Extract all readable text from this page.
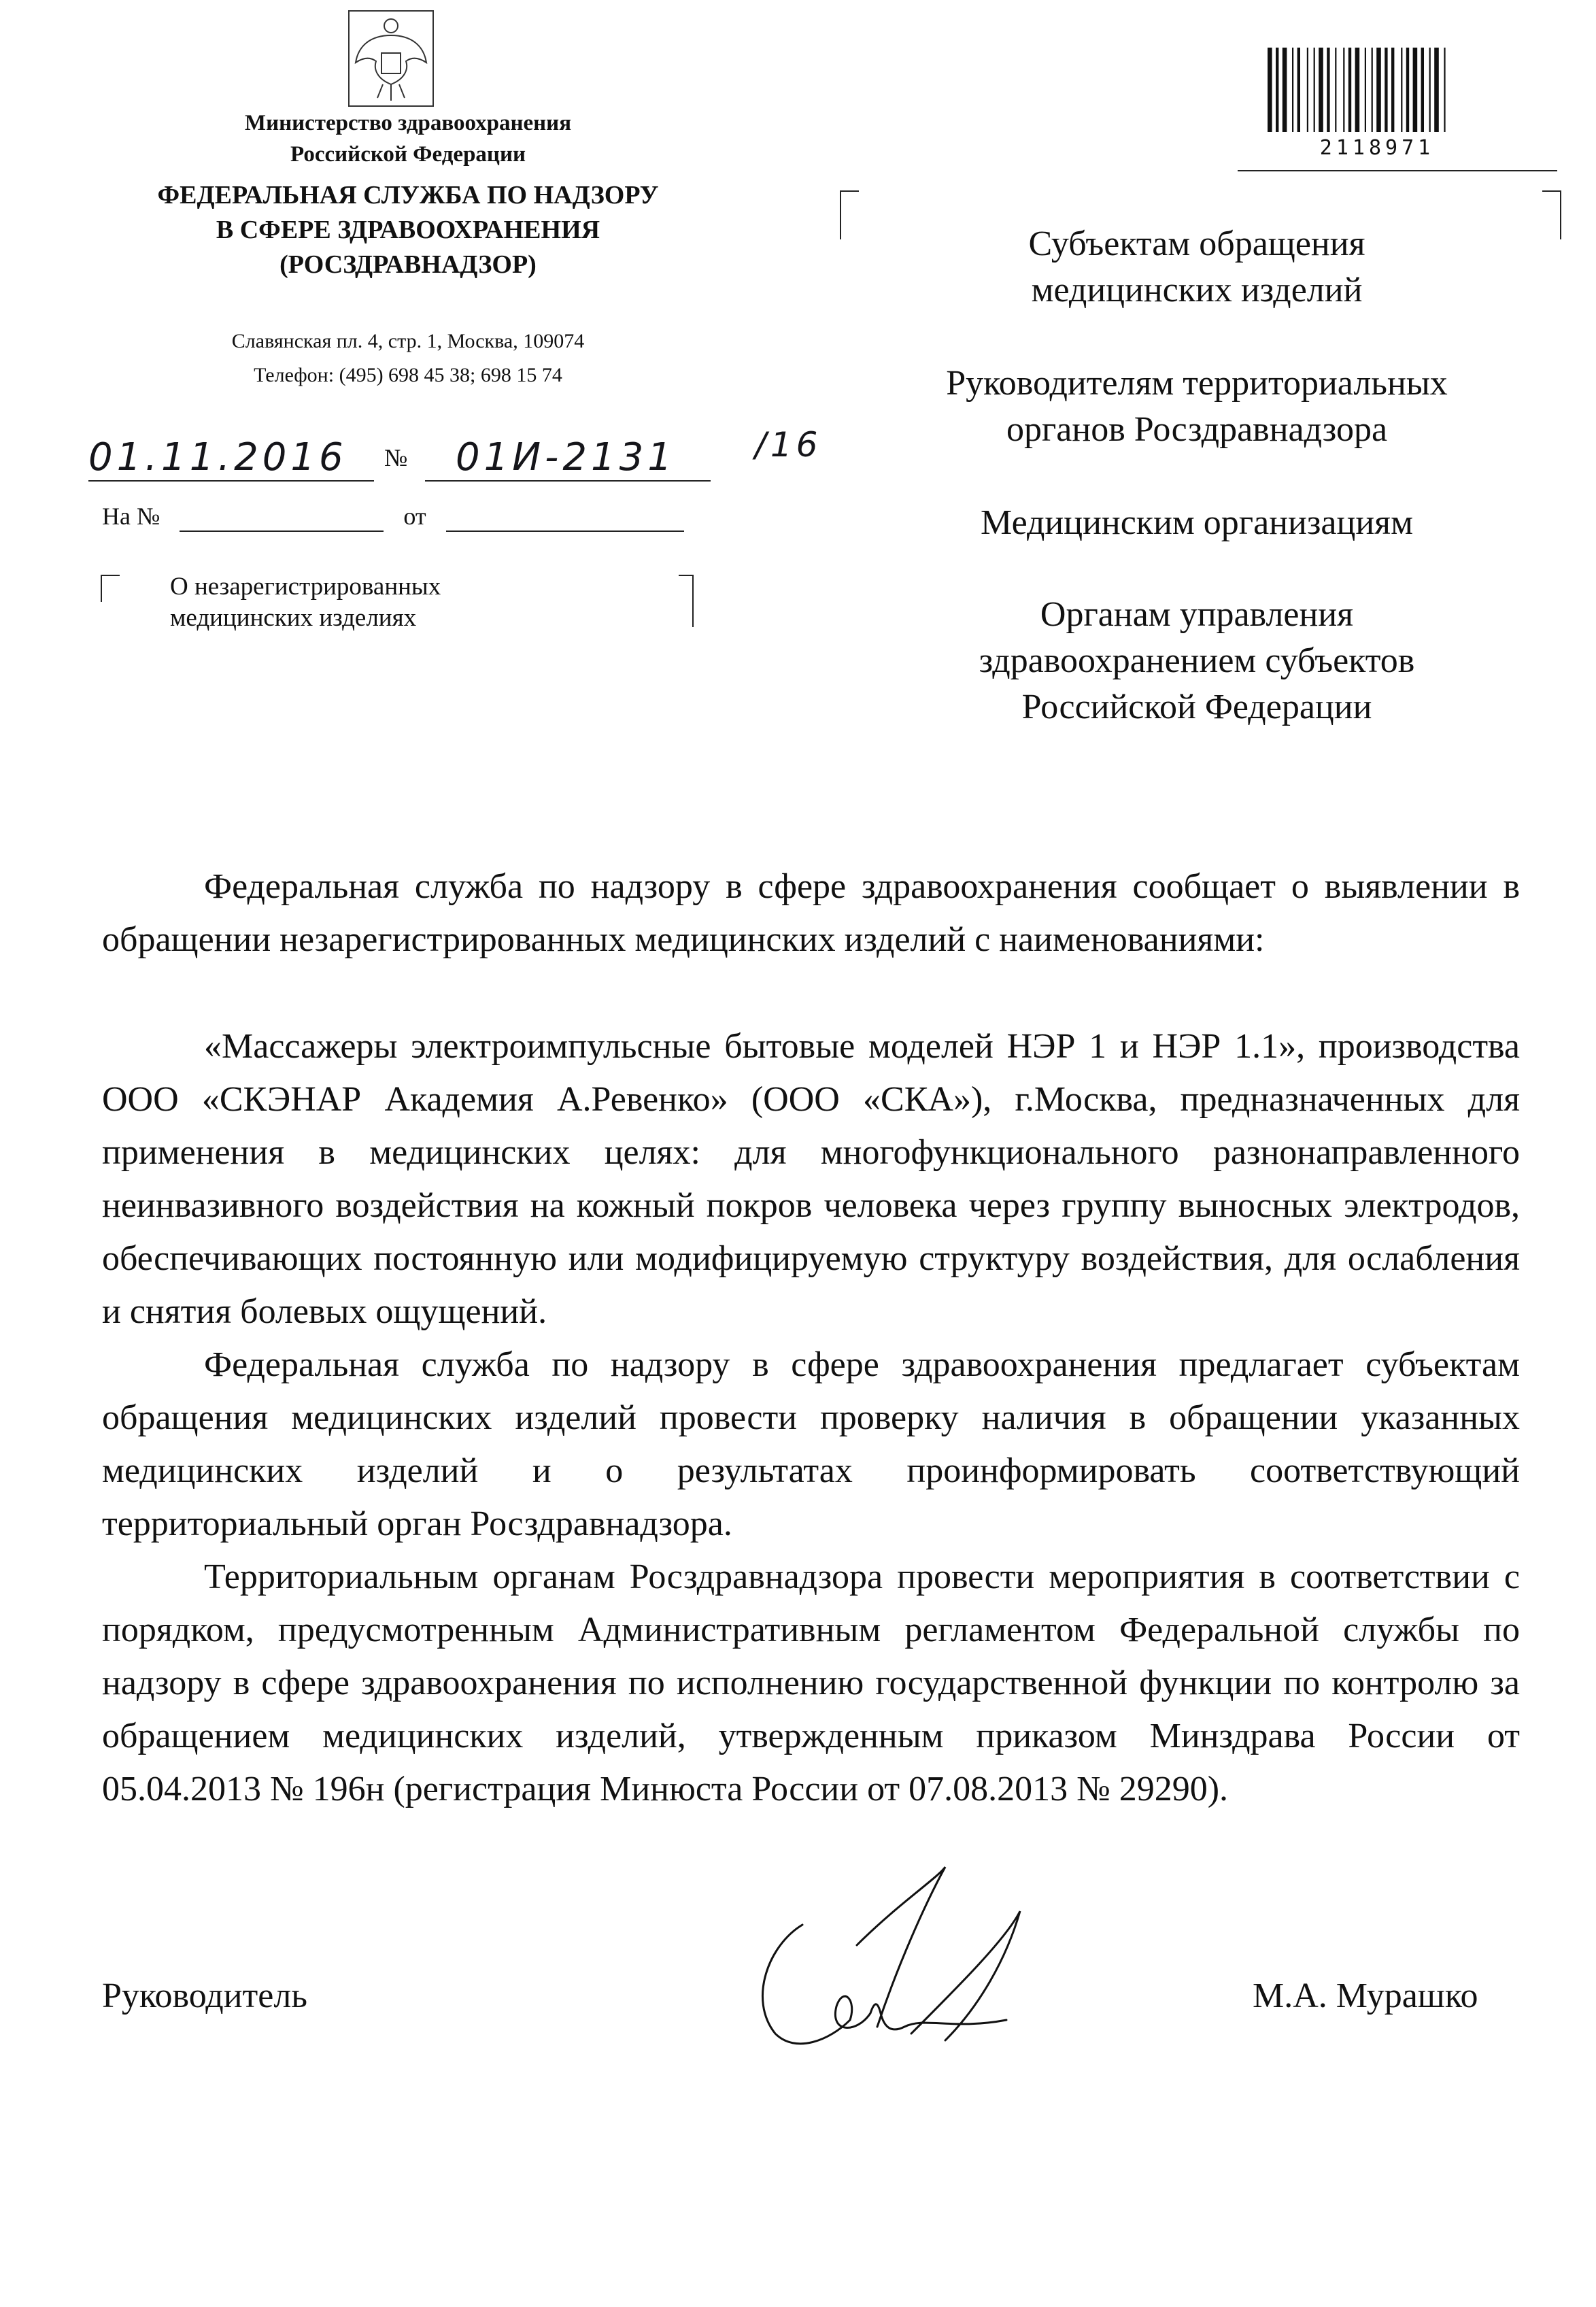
Министерство здравоохранения
Российской Федерации
ФЕДЕРАЛЬНАЯ СЛУЖБА ПО НАДЗОРУ
В СФЕРЕ ЗДРАВООХРАНЕНИЯ
(РОСЗДРАВНАДЗОР)
Славянская пл. 4, стр. 1, Москва, 109074
Телефон: (495) 698 45 38; 698 15 74
01.11.2016 № 01И-2131 /16
На №	от
О незарегистрированных
медицинских изделиях
2118971
Субъектам обращения
медицинских изделий
Руководителям территориальных
органов Росздравнадзора
Медицинским организациям
Органам управления
здравоохранением субъектов
Российской Федерации

Федеральная служба по надзору в сфере здравоохранения сообщает о выявлении в обращении незарегистрированных медицинских изделий с наименованиями:

«Массажеры электроимпульсные бытовые моделей НЭР 1 и НЭР 1.1», производства ООО «СКЭНАР Академия А.Ревенко» (ООО «СКА»), г.Москва, предназначенных для применения в медицинских целях: для многофункционального разнонаправленного неинвазивного воздействия на кожный покров человека через группу выносных электродов, обеспечивающих постоянную или модифицируемую структуру воздействия, для ослабления и снятия болевых ощущений.

Федеральная служба по надзору в сфере здравоохранения предлагает субъектам обращения медицинских изделий провести проверку наличия в обращении указанных медицинских изделий и о результатах проинформировать соответствующий территориальный орган Росздравнадзора.

Территориальным органам Росздравнадзора провести мероприятия в соответствии с порядком, предусмотренным Административным регламентом Федеральной службы по надзору в сфере здравоохранения по исполнению государственной функции по контролю за обращением медицинских изделий, утвержденным приказом Минздрава России от 05.04.2013 № 196н (регистрация Минюста России от 07.08.2013 № 29290).

Руководитель	М.А. Мурашко
